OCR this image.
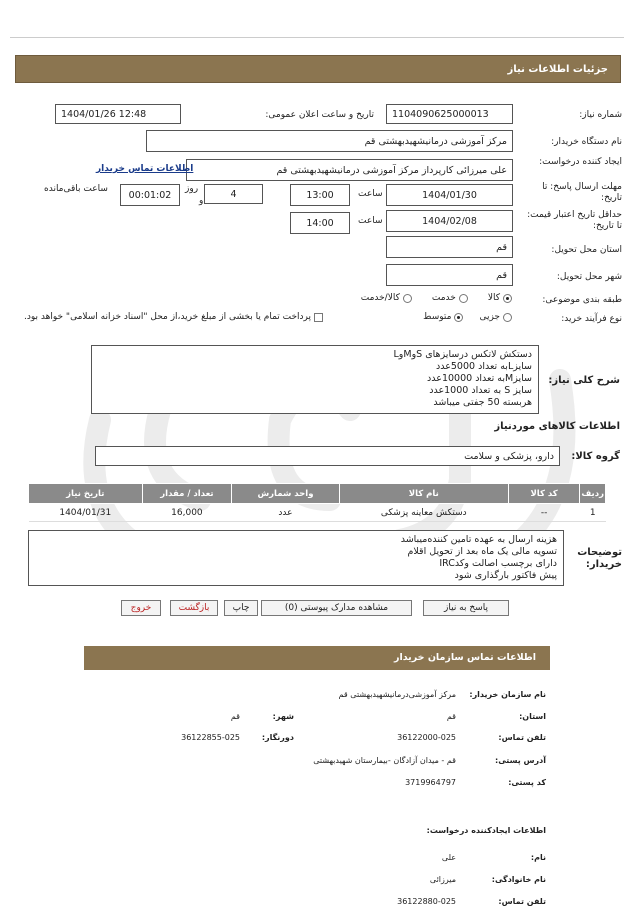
جزئیات اطلاعات نیاز
شماره نیاز:
1104090625000013
تاریخ و ساعت اعلان عمومی:
1404/01/26 12:48
نام دستگاه خریدار:
مرکز آموزشی درمانیشهیدبهشتی قم
ایجاد کننده درخواست:
علی میرزائی کارپرداز مرکز آموزشی درمانیشهیدبهشتی قم
اطلاعات تماس خریدار
مهلت ارسال پاسخ: تا تاریخ:
1404/01/30
ساعت
13:00
4
روز
و
00:01:02
ساعت باقی‌مانده
حداقل تاریخ اعتبار قیمت: تا تاریخ:
1404/02/08
ساعت
14:00
استان محل تحویل:
قم
شهر محل تحویل:
قم
طبقه بندی موضوعی:
کالا
خدمت
کالا/خدمت
نوع فرآیند خرید:
جزیی
متوسط
پرداخت تمام یا بخشی از مبلغ خرید،از محل "اسناد خزانه اسلامی" خواهد بود.
شرح کلی نیاز:
دستکش لاتکس درسایزهای SوMوL
سایزLبه تعداد 5000عدد
سایزMبه تعداد 10000عدد
سایز S به تعداد 1000عدد
هربسته 50 جفتی میباشد
اطلاعات کالاهای موردنیاز
گروه کالا:
دارو، پزشکی و سلامت
ردیف	کد کالا	نام کالا	واحد شمارش	تعداد / مقدار	تاریخ نیاز
1	--	دستکش معاینه پزشکی	عدد	16,000	1404/01/31
توضیحات خریدار:
هزینه ارسال به عهده تامین کننده‌میباشد
تسویه مالی یک ماه بعد از تحویل اقلام
دارای برچسب اصالت وکدIRC
پیش فاکتور بارگذاری شود
پاسخ به نیاز
مشاهده مدارک پیوستی (0)
چاپ
بازگشت
خروج
اطلاعات تماس سازمان خریدار
نام سازمان خریدار:
مرکز آموزشی‌درمانیشهیدبهشتی قم
استان:
قم
شهر:
قم
تلفن تماس:
36122000-025
دورنگار:
36122855-025
آدرس پستی:
قم - میدان آزادگان -بیمارستان شهیدبهشتی
کد پستی:
3719964797
اطلاعات ایجادکننده درخواست:
نام:
علی
نام خانوادگی:
میرزائی
تلفن تماس:
36122880-025
